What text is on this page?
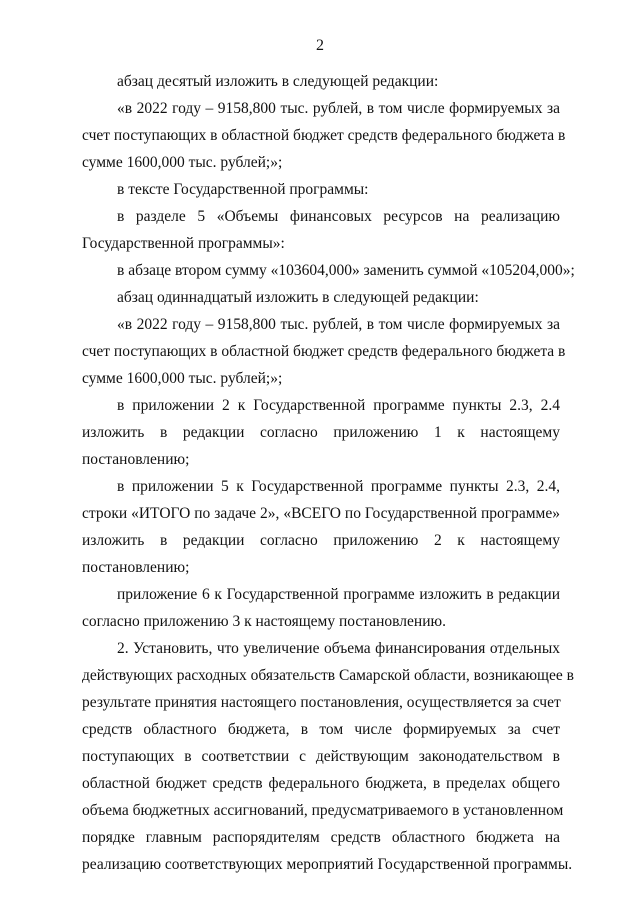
2
абзац десятый изложить в следующей редакции:
«в 2022 году – 9158,800 тыс. рублей, в том числе формируемых за
счет поступающих в областной бюджет средств федерального бюджета в
сумме 1600,000 тыс. рублей;»;
в тексте Государственной программы:
в разделе 5 «Объемы финансовых ресурсов на реализацию
Государственной программы»:
в абзаце втором сумму «103604,000» заменить суммой «105204,000»;
абзац одиннадцатый изложить в следующей редакции:
«в 2022 году – 9158,800 тыс. рублей, в том числе формируемых за
счет поступающих в областной бюджет средств федерального бюджета в
сумме 1600,000 тыс. рублей;»;
в приложении 2 к Государственной программе пункты 2.3, 2.4
изложить в редакции согласно приложению 1 к настоящему
постановлению;
в приложении 5 к Государственной программе пункты 2.3, 2.4,
строки «ИТОГО по задаче 2», «ВСЕГО по Государственной программе»
изложить в редакции согласно приложению 2 к настоящему
постановлению;
приложение 6 к Государственной программе изложить в редакции
согласно приложению 3 к настоящему постановлению.
2. Установить, что увеличение объема финансирования отдельных
действующих расходных обязательств Самарской области, возникающее в
результате принятия настоящего постановления, осуществляется за счет
средств областного бюджета, в том числе формируемых за счет
поступающих в соответствии с действующим законодательством в
областной бюджет средств федерального бюджета, в пределах общего
объема бюджетных ассигнований, предусматриваемого в установленном
порядке главным распорядителям средств областного бюджета на
реализацию соответствующих мероприятий Государственной программы.
